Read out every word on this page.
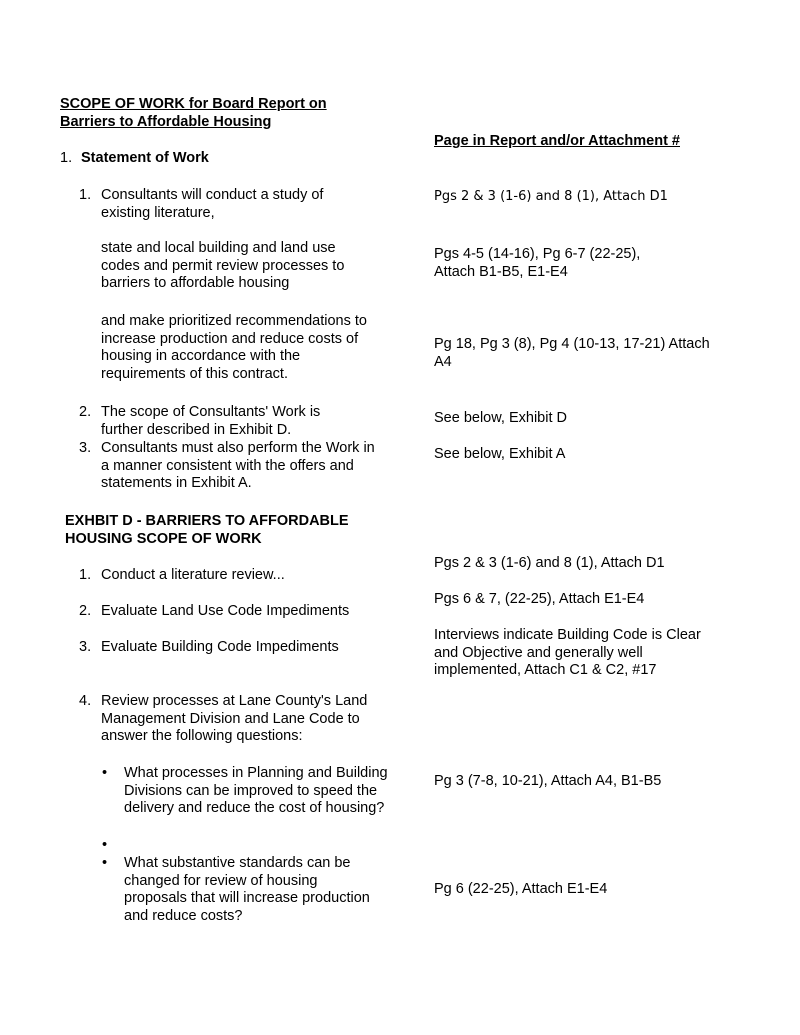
SCOPE OF WORK for Board Report on
Barriers to Affordable Housing
Page in Report and/or Attachment #
1. Statement of Work
1. Consultants will conduct a study of existing literature,
Pgs 2 & 3 (1-6) and 8 (1), Attach D1
state and local building and land use codes and permit review processes to barriers to affordable housing
Pgs 4-5 (14-16), Pg 6-7 (22-25), Attach B1-B5, E1-E4
and make prioritized recommendations to increase production and reduce costs of housing in accordance with the requirements of this contract.
Pg 18, Pg 3 (8), Pg 4 (10-13, 17-21) Attach A4
2. The scope of Consultants' Work is further described in Exhibit D.
See below, Exhibit D
3. Consultants must also perform the Work in a manner consistent with the offers and statements in Exhibit A.
See below, Exhibit A
EXHBIT D - BARRIERS TO AFFORDABLE
HOUSING SCOPE OF WORK
1. Conduct a literature review...
Pgs 2 & 3 (1-6) and 8 (1), Attach D1
2. Evaluate Land Use Code Impediments
Pgs 6 & 7, (22-25), Attach E1-E4
3. Evaluate Building Code Impediments
Interviews indicate Building Code is Clear and Objective and generally well implemented, Attach C1 & C2, #17
4. Review processes at Lane County's Land Management Division and Lane Code to answer the following questions:
• What processes in Planning and Building Divisions can be improved to speed the delivery and reduce the cost of housing?
Pg 3 (7-8, 10-21), Attach A4, B1-B5
•
• What substantive standards can be changed for review of housing proposals that will increase production and reduce costs?
Pg 6 (22-25), Attach E1-E4
